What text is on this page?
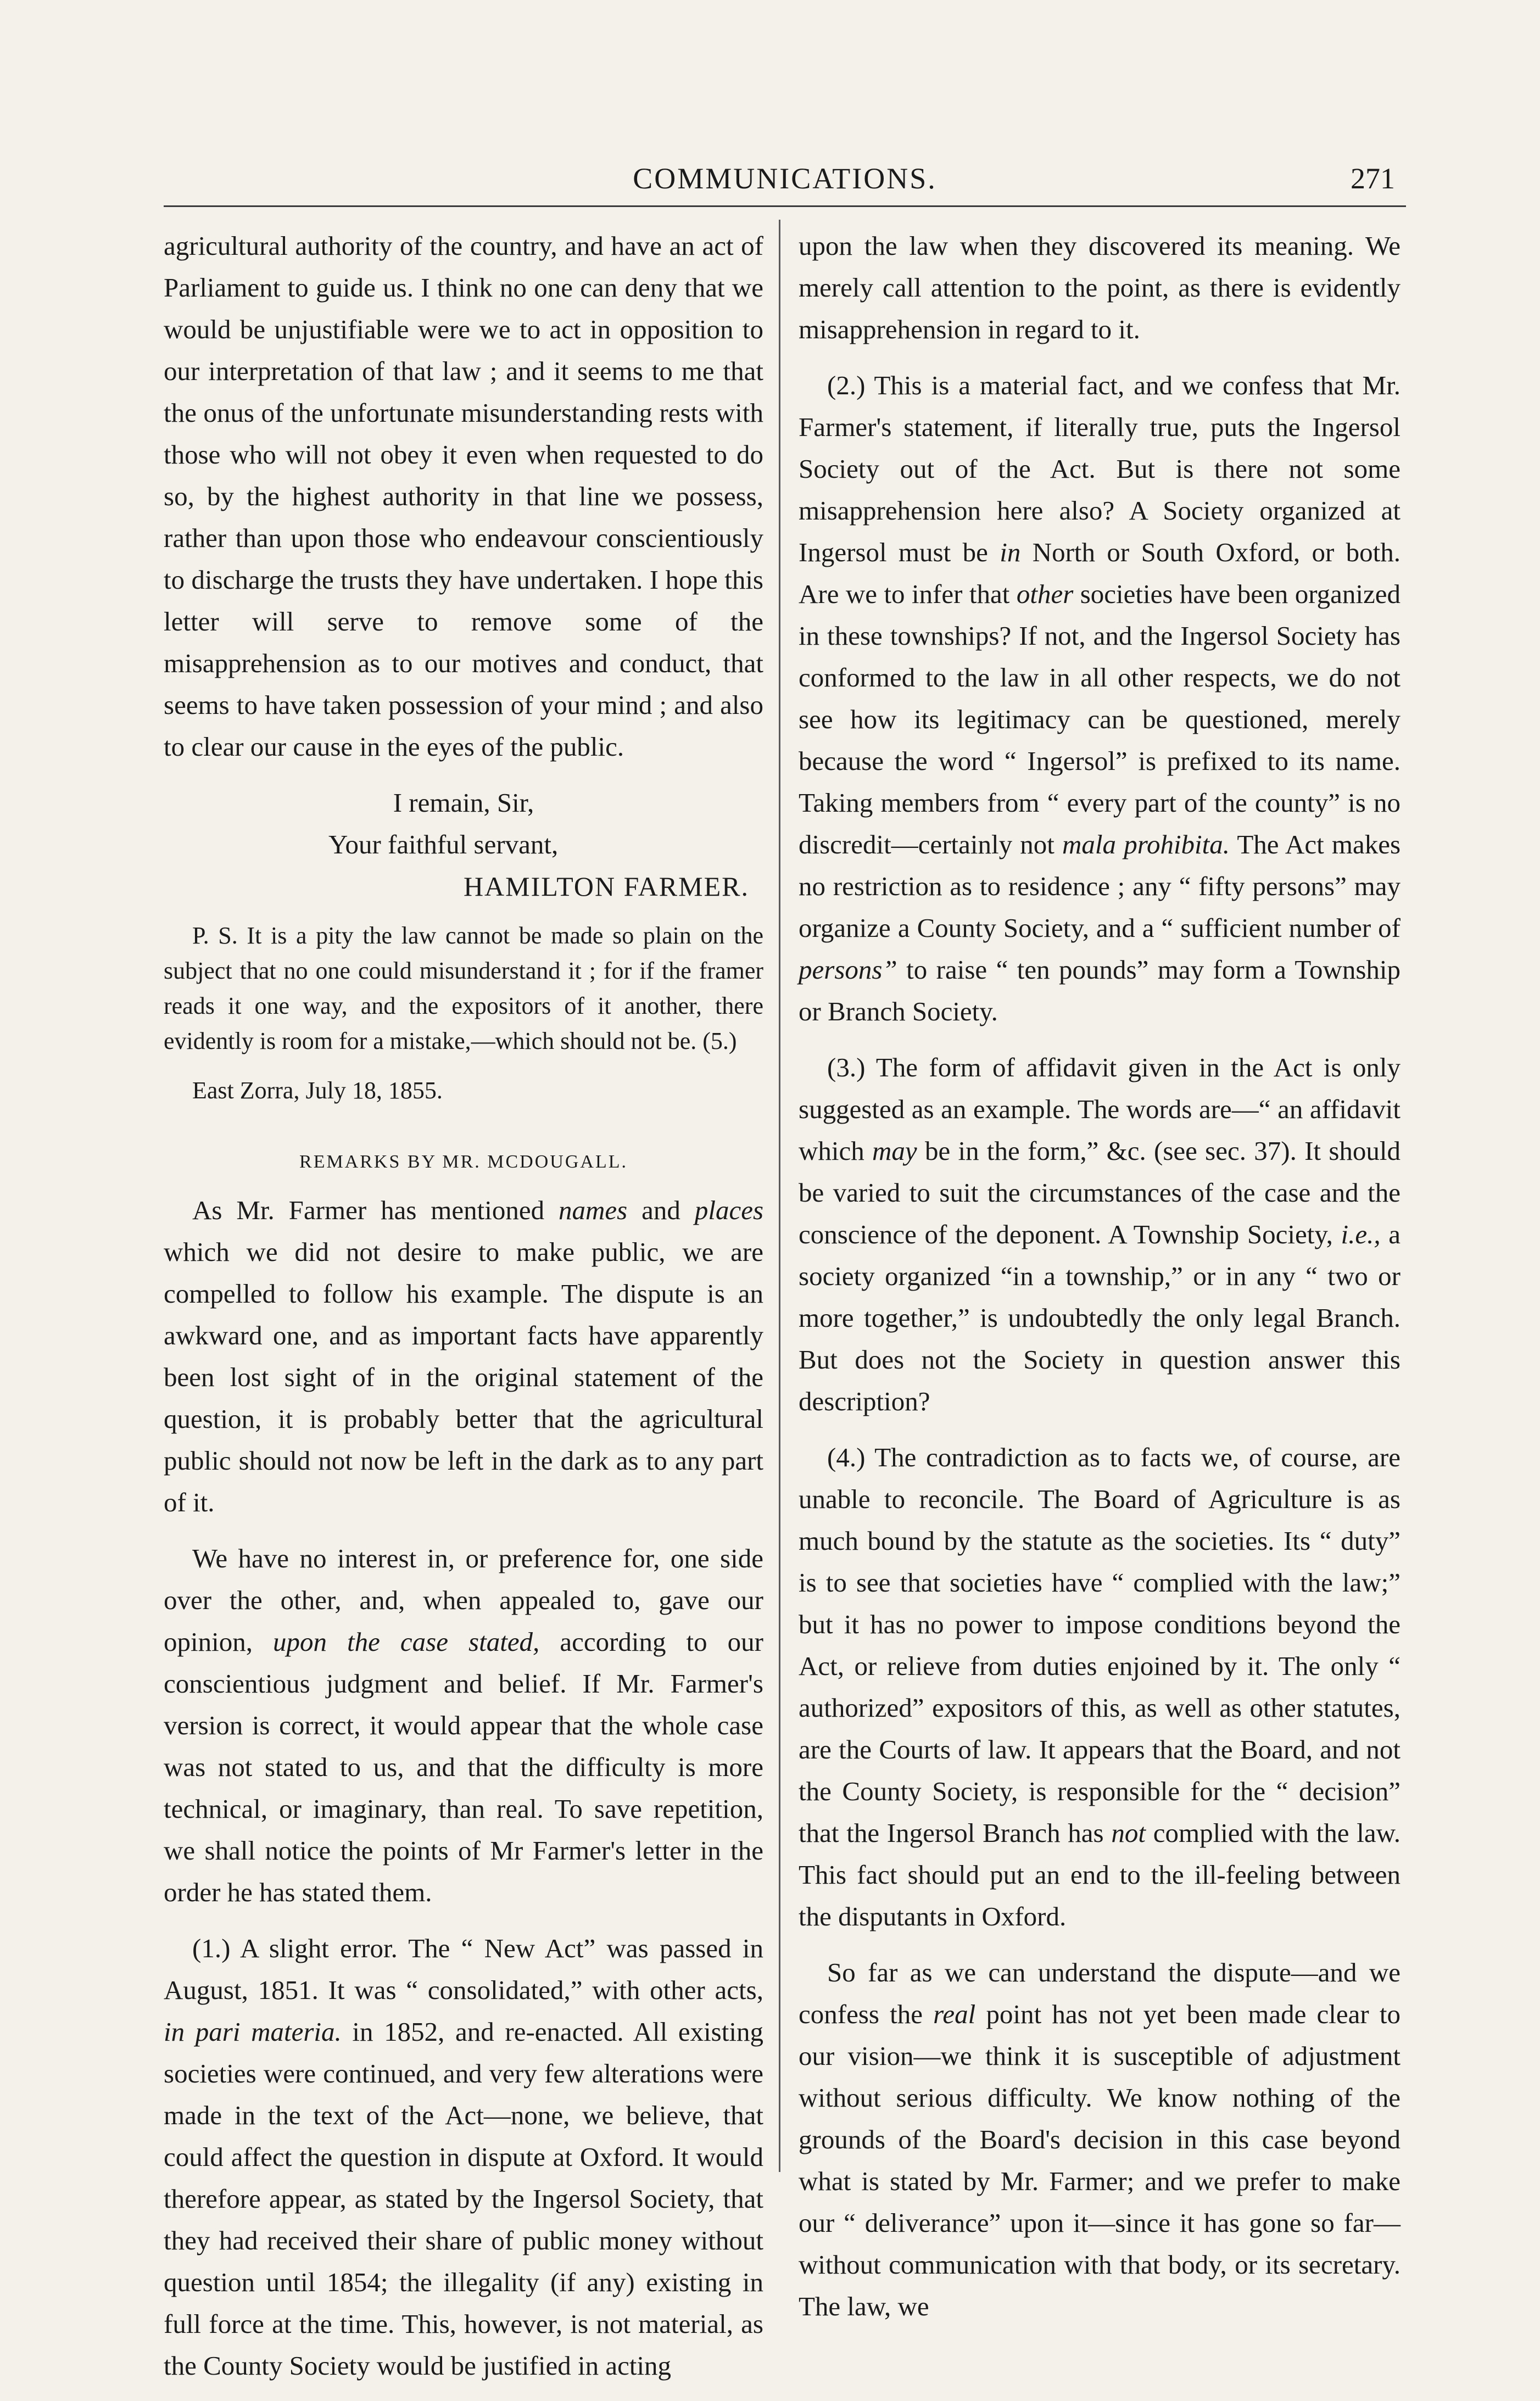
COMMUNICATIONS.	271

agricultural authority of the country, and have an act of Parliament to guide us. I think no one can deny that we would be unjustifiable were we to act in opposition to our interpretation of that law ; and it seems to me that the onus of the unfortunate misunderstanding rests with those who will not obey it even when requested to do so, by the highest authority in that line we possess, rather than upon those who endeavour conscientiously to discharge the trusts they have undertaken. I hope this letter will serve to remove some of the misapprehension as to our motives and conduct, that seems to have taken possession of your mind ; and also to clear our cause in the eyes of the public.

I remain, Sir,

Your faithful servant,

HAMILTON FARMER.

P. S. It is a pity the law cannot be made so plain on the subject that no one could misunderstand it ; for if the framer reads it one way, and the expositors of it another, there evidently is room for a mistake,—which should not be. (5.)

East Zorra, July 18, 1855.

REMARKS BY MR. MCDOUGALL.

As Mr. Farmer has mentioned names and places which we did not desire to make public, we are compelled to follow his example. The dispute is an awkward one, and as important facts have apparently been lost sight of in the original statement of the question, it is probably better that the agricultural public should not now be left in the dark as to any part of it.

We have no interest in, or preference for, one side over the other, and, when appealed to, gave our opinion, upon the case stated, according to our conscientious judgment and belief. If Mr. Farmer's version is correct, it would appear that the whole case was not stated to us, and that the difficulty is more technical, or imaginary, than real. To save repetition, we shall notice the points of Mr Farmer's letter in the order he has stated them.

(1.) A slight error. The “ New Act” was passed in August, 1851. It was “ consolidated,” with other acts, in pari materia. in 1852, and re-enacted. All existing societies were continued, and very few alterations were made in the text of the Act—none, we believe, that could affect the question in dispute at Oxford. It would therefore appear, as stated by the Ingersol Society, that they had received their share of public money without question until 1854; the illegality (if any) existing in full force at the time. This, however, is not material, as the County Society would be justified in acting

upon the law when they discovered its meaning. We merely call attention to the point, as there is evidently misapprehension in regard to it.

(2.) This is a material fact, and we confess that Mr. Farmer's statement, if literally true, puts the Ingersol Society out of the Act. But is there not some misapprehension here also? A Society organized at Ingersol must be in North or South Oxford, or both. Are we to infer that other societies have been organized in these townships? If not, and the Ingersol Society has conformed to the law in all other respects, we do not see how its legitimacy can be questioned, merely because the word “ Ingersol” is prefixed to its name. Taking members from “ every part of the county” is no discredit—certainly not mala prohibita. The Act makes no restriction as to residence ; any “ fifty persons” may organize a County Society, and a “ sufficient number of persons” to raise “ ten pounds” may form a Township or Branch Society.

(3.) The form of affidavit given in the Act is only suggested as an example. The words are—“ an affidavit which may be in the form,” &c. (see sec. 37). It should be varied to suit the circumstances of the case and the conscience of the deponent. A Township Society, i.e., a society organized “in a township,” or in any “ two or more together,” is undoubtedly the only legal Branch. But does not the Society in question answer this description?

(4.) The contradiction as to facts we, of course, are unable to reconcile. The Board of Agriculture is as much bound by the statute as the societies. Its “ duty” is to see that societies have “ complied with the law;” but it has no power to impose conditions beyond the Act, or relieve from duties enjoined by it. The only “ authorized” expositors of this, as well as other statutes, are the Courts of law. It appears that the Board, and not the County Society, is responsible for the “ decision” that the Ingersol Branch has not complied with the law. This fact should put an end to the ill-feeling between the disputants in Oxford.

So far as we can understand the dispute—and we confess the real point has not yet been made clear to our vision—we think it is susceptible of adjustment without serious difficulty. We know nothing of the grounds of the Board's decision in this case beyond what is stated by Mr. Farmer; and we prefer to make our “ deliverance” upon it—since it has gone so far—without communication with that body, or its secretary. The law, we
